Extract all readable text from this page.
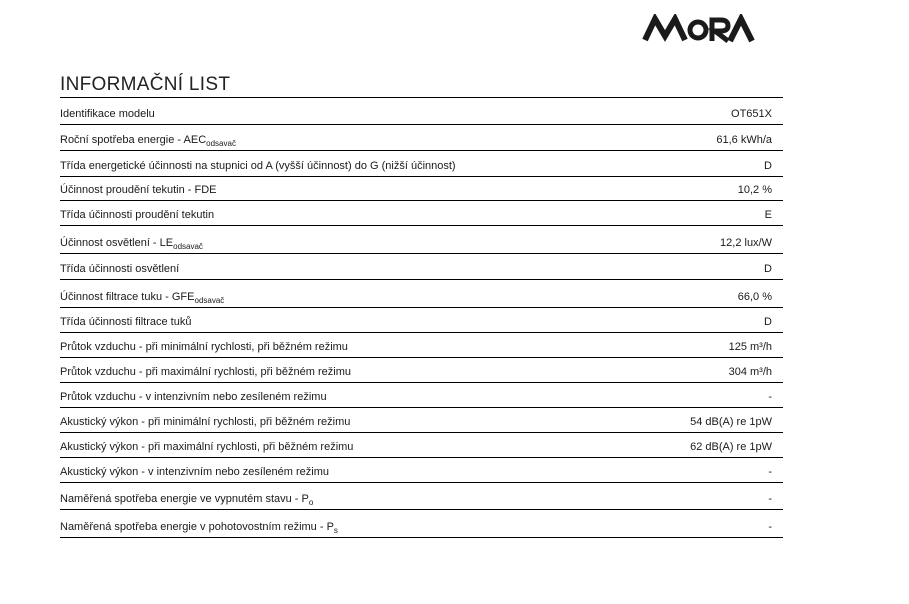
INFORMAČNÍ LIST
Identifikace modelu	OT651X
Roční spotřeba energie - $AEC_{odsavač}$	61,6 kWh/a
Třída energetické účinnosti na stupnici od A (vyšší účinnost) do G (nižší účinnost)	D
Účinnost proudění tekutin - FDE	10,2 %
Třída účinnosti proudění tekutin	E
Účinnost osvětlení - $LE_{odsavač}$	12,2 lux/W
Třída účinnosti osvětlení	D
Účinnost filtrace tuku - $GFE_{odsavač}$	66,0 %
Třída účinnosti filtrace tuků	D
Průtok vzduchu - při minimální rychlosti, při běžném režimu	125 m³/h
Průtok vzduchu - při maximální rychlosti, při běžném režimu	304 m³/h
Průtok vzduchu - v intenzivním nebo zesíleném režimu	-
Akustický výkon - při minimální rychlosti, při běžném režimu	54 dB(A) re 1pW
Akustický výkon - při maximální rychlosti, při běžném režimu	62 dB(A) re 1pW
Akustický výkon - v intenzivním nebo zesíleném režimu	-
Naměřená spotřeba energie ve vypnutém stavu - $P_o$	-
Naměřená spotřeba energie v pohotovostním režimu - $P_s$	-
